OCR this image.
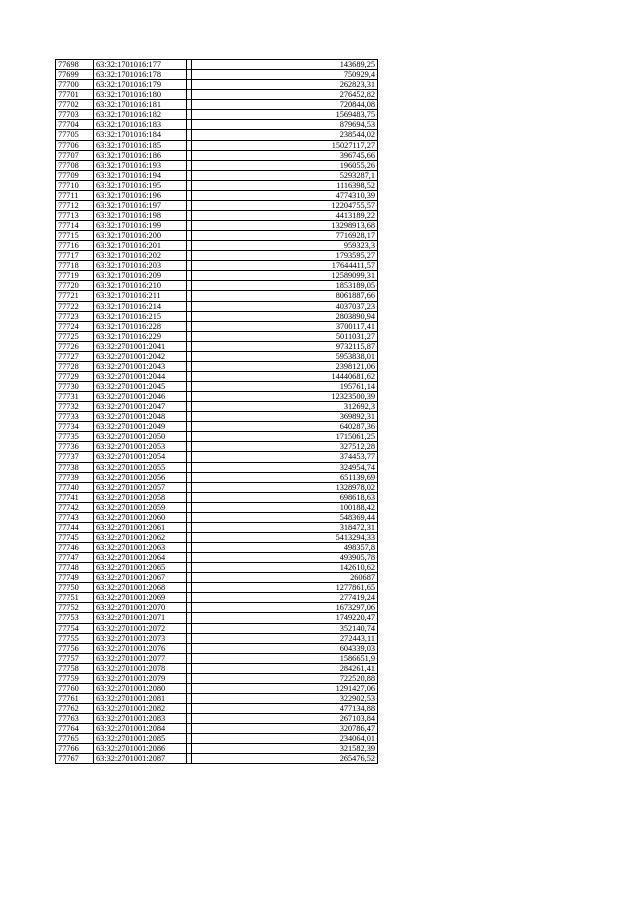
77698	63:32:1701016:177		143689,25
77699	63:32:1701016:178		750929,4
77700	63:32:1701016:179		262823,31
77701	63:32:1701016:180		276452,82
77702	63:32:1701016:181		720844,08
77703	63:32:1701016:182		1569483,75
77704	63:32:1701016:183		879694,53
77705	63:32:1701016:184		238544,02
77706	63:32:1701016:185		15027117,27
77707	63:32:1701016:186		396745,66
77708	63:32:1701016:193		196055,26
77709	63:32:1701016:194		5293287,1
77710	63:32:1701016:195		1116398,52
77711	63:32:1701016:196		4774310,39
77712	63:32:1701016:197		12204755,57
77713	63:32:1701016:198		4413189,22
77714	63:32:1701016:199		13298913,68
77715	63:32:1701016:200		7716928,17
77716	63:32:1701016:201		959323,3
77717	63:32:1701016:202		1793595,27
77718	63:32:1701016:203		17644411,57
77719	63:32:1701016:209		12589099,31
77720	63:32:1701016:210		1853189,05
77721	63:32:1701016:211		8061887,66
77722	63:32:1701016:214		4037037,23
77723	63:32:1701016:215		2803890,94
77724	63:32:1701016:228		3700117,41
77725	63:32:1701016:229		5011031,27
77726	63:32:2701001:2041		9732115,87
77727	63:32:2701001:2042		5953838,01
77728	63:32:2701001:2043		2398121,06
77729	63:32:2701001:2044		14440681,62
77730	63:32:2701001:2045		195761,14
77731	63:32:2701001:2046		12323500,39
77732	63:32:2701001:2047		312692,3
77733	63:32:2701001:2048		369892,31
77734	63:32:2701001:2049		640287,36
77735	63:32:2701001:2050		1715061,25
77736	63:32:2701001:2053		327512,28
77737	63:32:2701001:2054		374453,77
77738	63:32:2701001:2055		324954,74
77739	63:32:2701001:2056		651139,69
77740	63:32:2701001:2057		1328978,02
77741	63:32:2701001:2058		698618,63
77742	63:32:2701001:2059		100188,42
77743	63:32:2701001:2060		548369,44
77744	63:32:2701001:2061		318472,31
77745	63:32:2701001:2062		5413294,33
77746	63:32:2701001:2063		498357,8
77747	63:32:2701001:2064		493905,78
77748	63:32:2701001:2065		142610,62
77749	63:32:2701001:2067		260687
77750	63:32:2701001:2068		1277861,65
77751	63:32:2701001:2069		277419,24
77752	63:32:2701001:2070		1673297,06
77753	63:32:2701001:2071		1749220,47
77754	63:32:2701001:2072		352140,74
77755	63:32:2701001:2073		272443,11
77756	63:32:2701001:2076		604339,03
77757	63:32:2701001:2077		1586651,9
77758	63:32:2701001:2078		284261,41
77759	63:32:2701001:2079		722520,88
77760	63:32:2701001:2080		1291427,06
77761	63:32:2701001:2081		322902,53
77762	63:32:2701001:2082		477134,88
77763	63:32:2701001:2083		267103,84
77764	63:32:2701001:2084		320786,47
77765	63:32:2701001:2085		234064,01
77766	63:32:2701001:2086		321582,39
77767	63:32:2701001:2087		265476,52
